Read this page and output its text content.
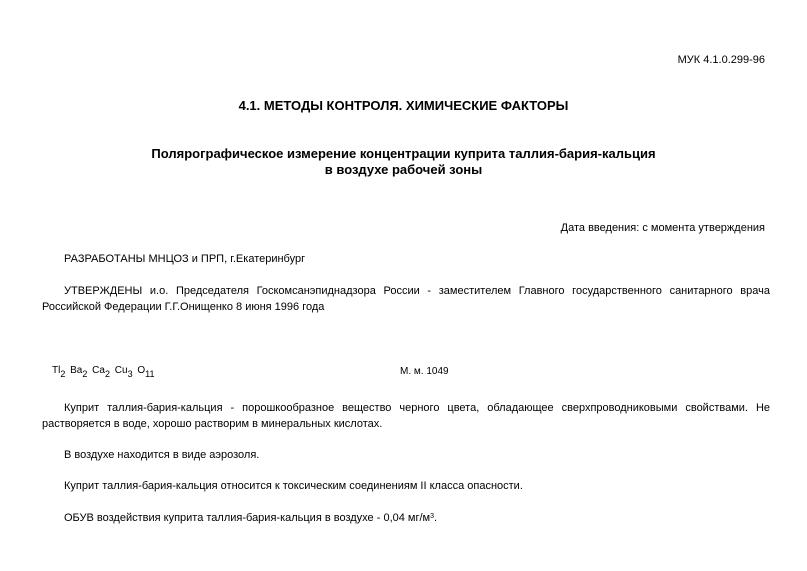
МУК 4.1.0.299-96
4.1. МЕТОДЫ КОНТРОЛЯ. ХИМИЧЕСКИЕ ФАКТОРЫ
Полярографическое измерение концентрации куприта таллия-бария-кальция
в воздухе рабочей зоны
Дата введения: с момента утверждения
РАЗРАБОТАНЫ МНЦОЗ и ПРП, г.Екатеринбург
УТВЕРЖДЕНЫ и.о. Председателя Госкомсанэпиднадзора России - заместителем Главного государственного санитарного врача Российской Федерации Г.Г.Онищенко 8 июня 1996 года
$Tl_2$ $Ba_2$ $Ca_2$ $Cu_3$ $O_{11}$	М. м. 1049
Куприт таллия-бария-кальция - порошкообразное вещество черного цвета, обладающее сверхпроводниковыми свойствами. Не растворяется в воде, хорошо растворим в минеральных кислотах.
В воздухе находится в виде аэрозоля.
Куприт таллия-бария-кальция относится к токсическим соединениям II класса опасности.
ОБУВ воздействия куприта таллия-бария-кальция в воздухе - 0,04 $мг/м^3$.
